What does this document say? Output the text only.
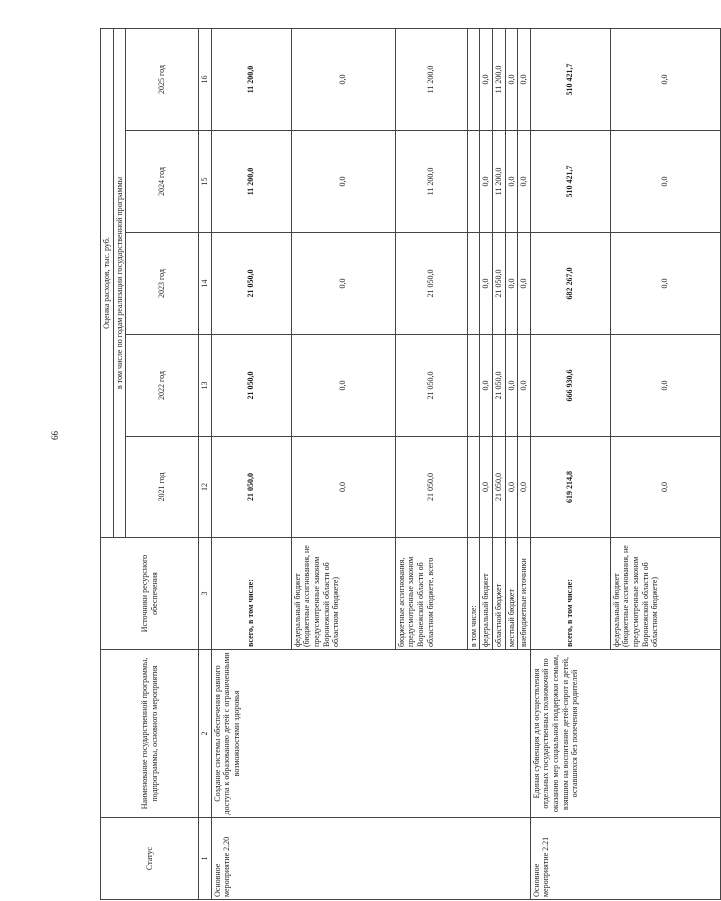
66
Статус	Наименование государственной программы, подпрограммы, основного мероприятия	Источники ресурсного обеспечения	Оценка расходов, тыс. руб.				
			в том числе по годам реализации государственной программы				
			2021 год	2022 год	2023 год	2024 год	2025 год
1	2	3	12	13	14	15	16
Основное мероприятие 2.20	Создание системы обеспечения равного доступа к образованию детей с ограниченными возможностями здоровья	всего, в том числе:	21 050,0	21 050,0	21 050,0	11 200,0	11 200,0
		федеральный бюджет (бюджетные ассигнования, не предусмотренные законом Воронежской области об областном бюджете)	0,0	0,0	0,0	0,0	0,0
		бюджетные ассигнования, предусмотренные законом Воронежской области об областном бюджете, всего	21 050,0	21 050,0	21 050,0	11 200,0	11 200,0
		в том числе:					
		федеральный бюджет	0,0	0,0	0,0	0,0	0,0
		областной бюджет	21 050,0	21 050,0	21 050,0	11 200,0	11 200,0
		местный бюджет	0,0	0,0	0,0	0,0	0,0
		внебюджетные источники	0,0	0,0	0,0	0,0	0,0
Основное мероприятие 2.21	Единая субвенция для осуществления отдельных государственных полномочий по оказанию мер социальной поддержки семьям, взявшим на воспитание детей-сирот и детей, оставшихся без попечения родителей	всего, в том числе:	619 214,8	666 930,6	682 267,0	510 421,7	510 421,7
		федеральный бюджет (бюджетные ассигнования, не предусмотренные законом Воронежской области об областном бюджете)	0,0	0,0	0,0	0,0	0,0
